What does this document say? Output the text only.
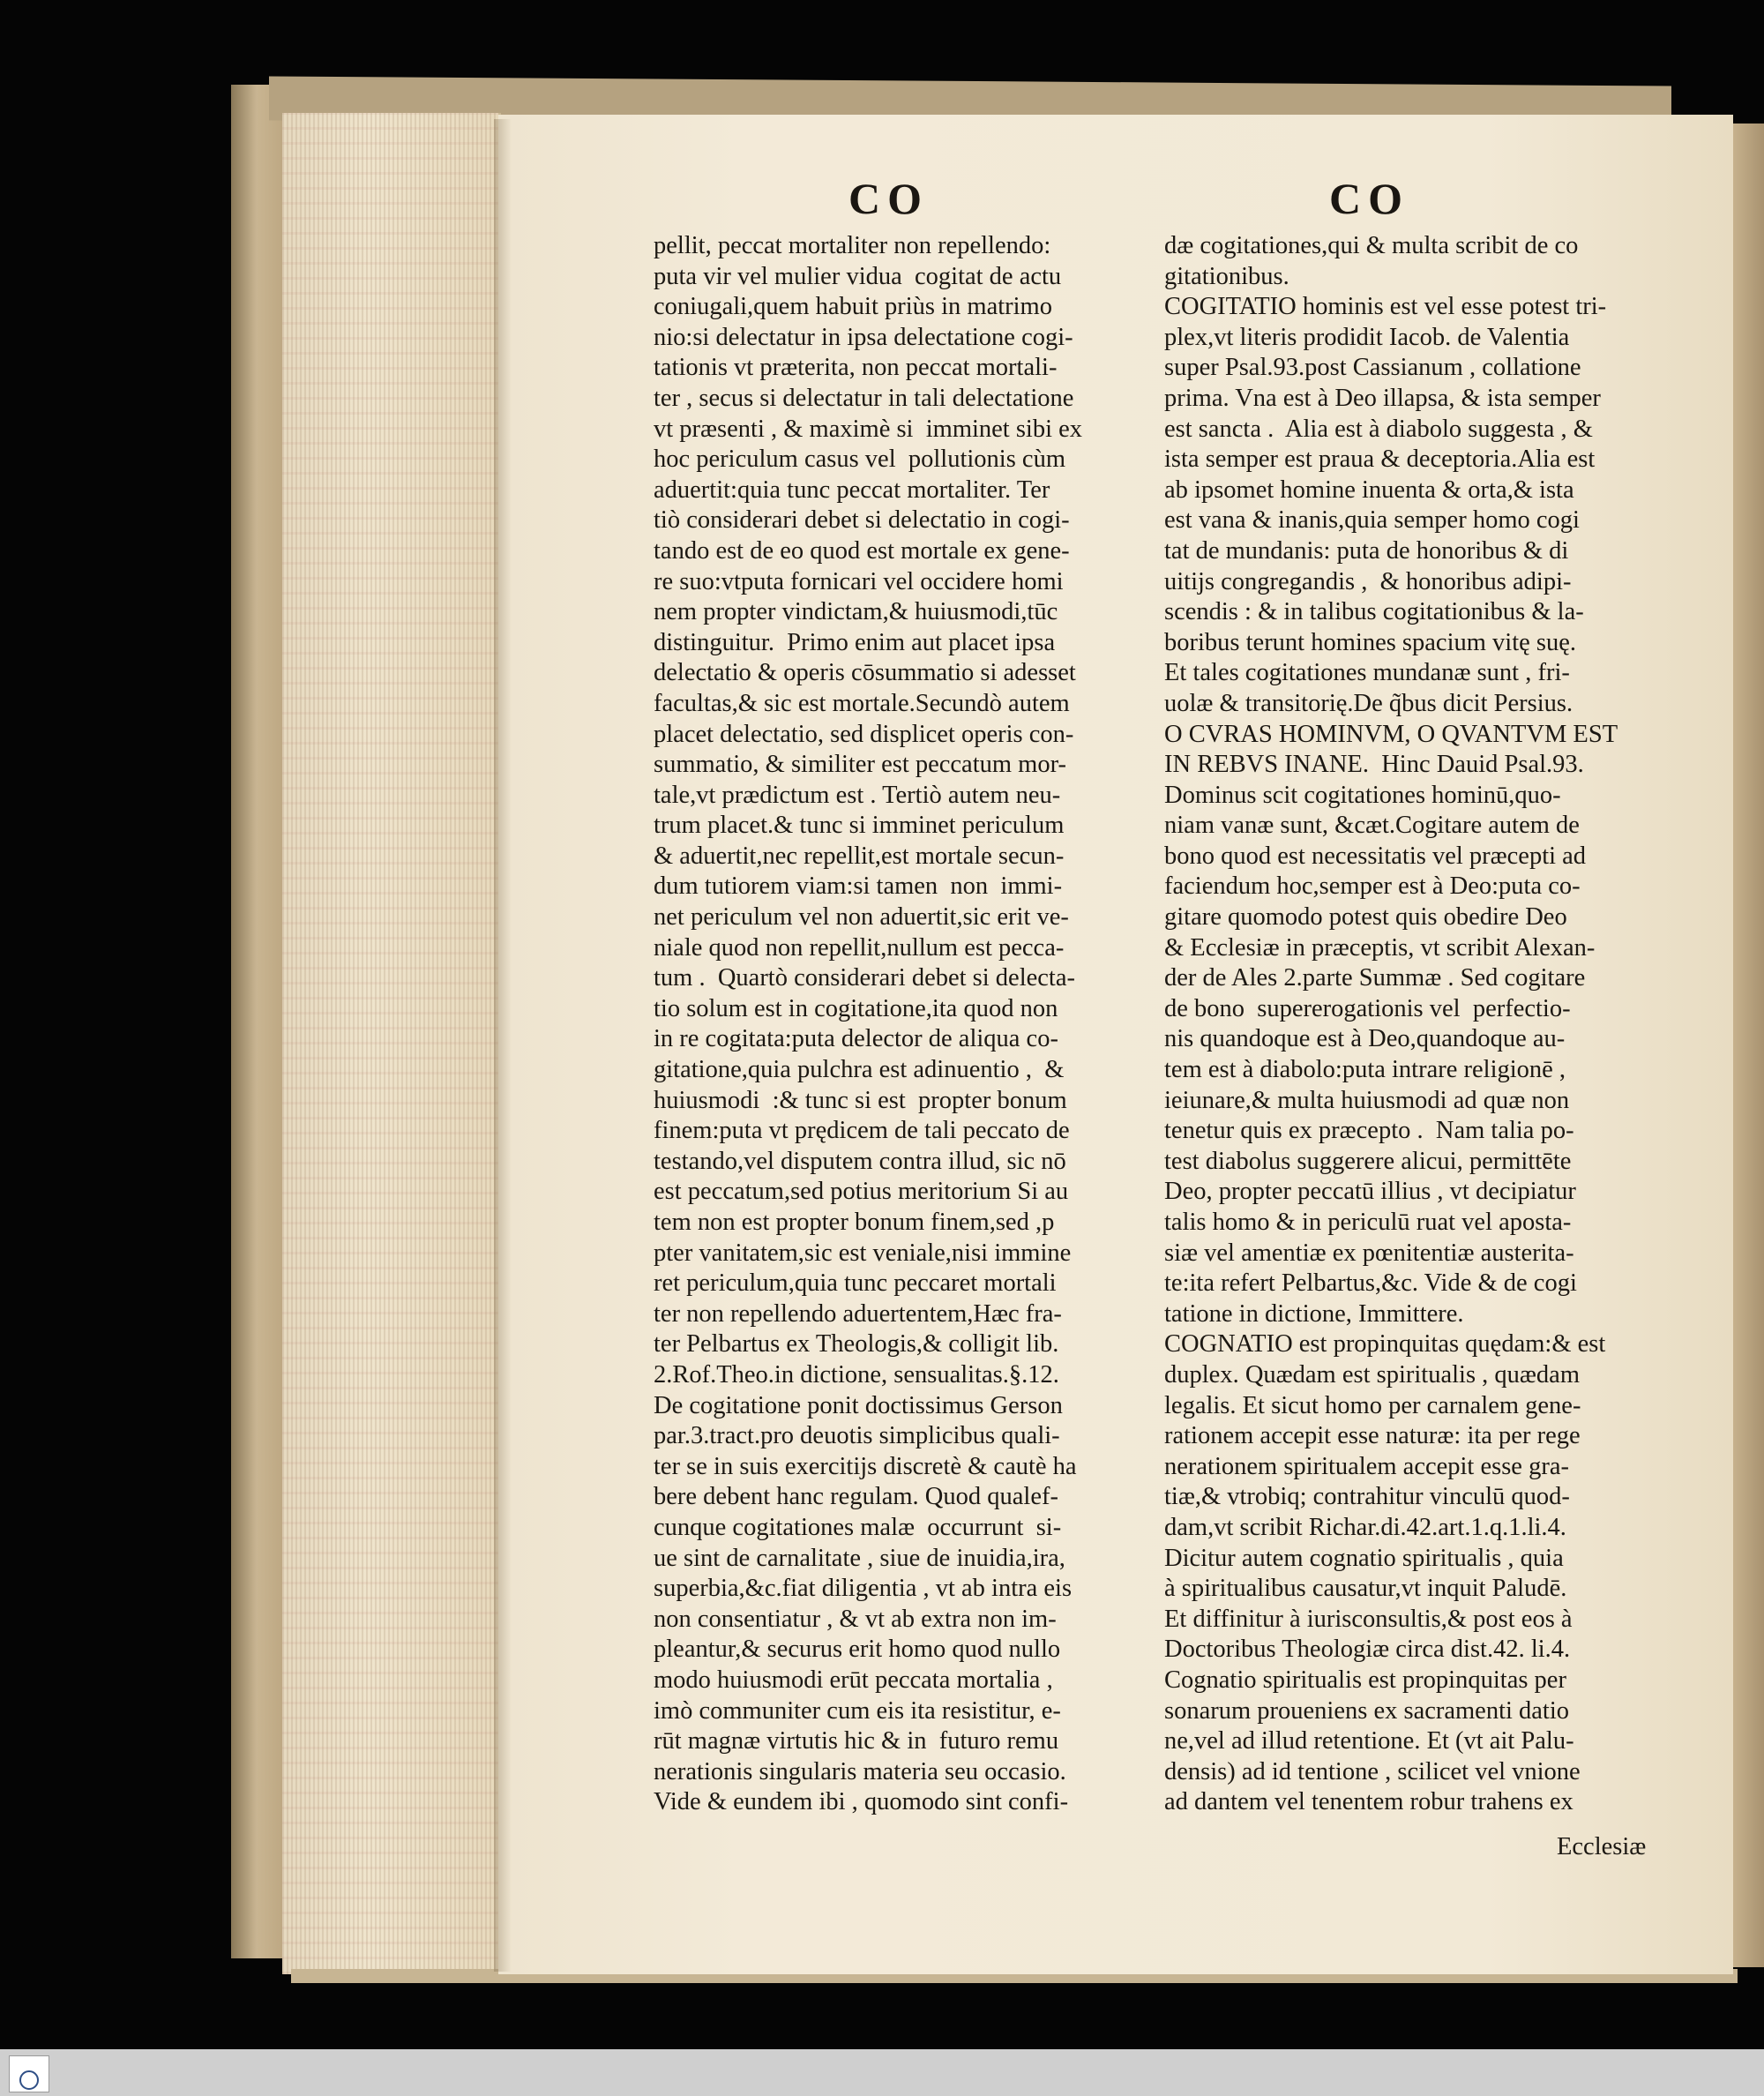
CO	CO
pellit, peccat mortaliter non repellendo:
puta vir vel mulier vidua  cogitat de actu
coniugali,quem habuit priùs in matrimo
nio:si delectatur in ipsa delectatione cogi-
tationis vt præterita, non peccat mortali-
ter , secus si delectatur in tali delectatione
vt præsenti , & maximè si  imminet sibi ex
hoc periculum casus vel  pollutionis cùm
aduertit:quia tunc peccat mortaliter. Ter
tiò considerari debet si delectatio in cogi-
tando est de eo quod est mortale ex gene-
re suo:vtputa fornicari vel occidere homi
nem propter vindictam,& huiusmodi,tūc
distinguitur.  Primo enim aut placet ipsa
delectatio & operis cōsummatio si adesset
facultas,& sic est mortale.Secundò autem
placet delectatio, sed displicet operis con-
summatio, & similiter est peccatum mor-
tale,vt prædictum est . Tertiò autem neu-
trum placet.& tunc si imminet periculum
& aduertit,nec repellit,est mortale secun-
dum tutiorem viam:si tamen  non  immi-
net periculum vel non aduertit,sic erit ve-
niale quod non repellit,nullum est pecca-
tum .  Quartò considerari debet si delecta-
tio solum est in cogitatione,ita quod non
in re cogitata:puta delector de aliqua co-
gitatione,quia pulchra est adinuentio ,  &
huiusmodi  :& tunc si est  propter bonum
finem:puta vt prędicem de tali peccato de
testando,vel disputem contra illud, sic nō
est peccatum,sed potius meritorium Si au
tem non est propter bonum finem,sed ,p
pter vanitatem,sic est veniale,nisi immine
ret periculum,quia tunc peccaret mortali
ter non repellendo aduertentem,Hæc fra-
ter Pelbartus ex Theologis,& colligit lib.
2.Rof.Theo.in dictione, sensualitas.§.12.
De cogitatione ponit doctissimus Gerson
par.3.tract.pro deuotis simplicibus quali-
ter se in suis exercitijs discretè & cautè ha
bere debent hanc regulam. Quod qualef-
cunque cogitationes malæ  occurrunt  si-
ue sint de carnalitate , siue de inuidia,ira,
superbia,&c.fiat diligentia , vt ab intra eis
non consentiatur , & vt ab extra non im-
pleantur,& securus erit homo quod nullo
modo huiusmodi erūt peccata mortalia ,
imò communiter cum eis ita resistitur, e-
rūt magnæ virtutis hic & in  futuro remu
nerationis singularis materia seu occasio.
Vide & eundem ibi , quomodo sint confi-
dæ cogitationes,qui & multa scribit de co
gitationibus.
COGITATIO hominis est vel esse potest tri-
plex,vt literis prodidit Iacob. de Valentia
super Psal.93.post Cassianum , collatione
prima. Vna est à Deo illapsa, & ista semper
est sancta .  Alia est à diabolo suggesta , &
ista semper est praua & deceptoria.Alia est
ab ipsomet homine inuenta & orta,& ista
est vana & inanis,quia semper homo cogi
tat de mundanis: puta de honoribus & di
uitijs congregandis ,  & honoribus adipi-
scendis : & in talibus cogitationibus & la-
boribus terunt homines spacium vitę suę.
Et tales cogitationes mundanæ sunt , fri-
uolæ & transitorię.De q̃bus dicit Persius.
O CVRAS HOMINVM, O QVANTVM EST
IN REBVS INANE.  Hinc Dauid Psal.93.
Dominus scit cogitationes hominū,quo-
niam vanæ sunt, &cæt.Cogitare autem de
bono quod est necessitatis vel præcepti ad
faciendum hoc,semper est à Deo:puta co-
gitare quomodo potest quis obedire Deo
& Ecclesiæ in præceptis, vt scribit Alexan-
der de Ales 2.parte Summæ . Sed cogitare
de bono  supererogationis vel  perfectio-
nis quandoque est à Deo,quandoque au-
tem est à diabolo:puta intrare religionē ,
ieiunare,& multa huiusmodi ad quæ non
tenetur quis ex præcepto .  Nam talia po-
test diabolus suggerere alicui, permittēte
Deo, propter peccatū illius , vt decipiatur
talis homo & in periculū ruat vel aposta-
siæ vel amentiæ ex pœnitentiæ austerita-
te:ita refert Pelbartus,&c. Vide & de cogi
tatione in dictione, Immittere.
COGNATIO est propinquitas quędam:& est
duplex. Quædam est spiritualis , quædam
legalis. Et sicut homo per carnalem gene-
rationem accepit esse naturæ: ita per rege
nerationem spiritualem accepit esse gra-
tiæ,& vtrobiq; contrahitur vinculū quod-
dam,vt scribit Richar.di.42.art.1.q.1.li.4.
Dicitur autem cognatio spiritualis , quia
à spiritualibus causatur,vt inquit Paludē.
Et diffinitur à iurisconsultis,& post eos à
Doctoribus Theologiæ circa dist.42. li.4.
Cognatio spiritualis est propinquitas per
sonarum proueniens ex sacramenti datio
ne,vel ad illud retentione. Et (vt ait Palu-
densis) ad id tentione , scilicet vel vnione
ad dantem vel tenentem robur trahens ex
Ecclesiæ
